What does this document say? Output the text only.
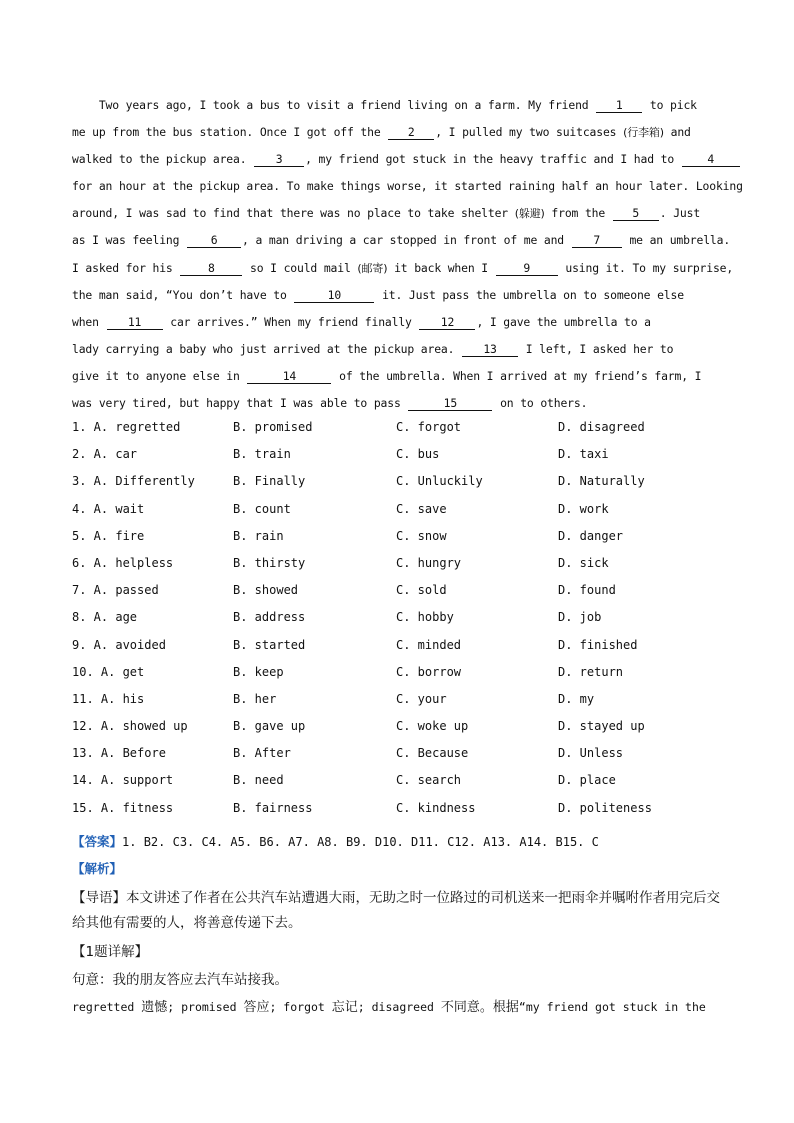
Two years ago, I took a bus to visit a friend living on a farm. My friend 1 to pick
me up from the bus station. Once I got off the 2 , I pulled my two suitcases (行李箱) and
walked to the pickup area. 3 , my friend got stuck in the heavy traffic and I had to 4
for an hour at the pickup area. To make things worse, it started raining half an hour later. Looking
around, I was sad to find that there was no place to take shelter (躲避) from the 5 . Just
as I was feeling 6 , a man driving a car stopped in front of me and 7 me an umbrella.
I asked for his	8	so I could mail (邮寄) it back when I	9	using it. To my surprise,
the man said, “You don’t have to	10	it. Just pass the umbrella on to someone else
when 11 car arrives.” When my friend finally 12 , I gave the umbrella to a
lady carrying a baby who just arrived at the pickup area. 13 I left, I asked her to
give it to anyone else in	14	of the umbrella. When I arrived at my friend’s farm, I
was very tired, but happy that I was able to pass	15	on to others.
1. A. regretted	B. promised	C. forgot	D. disagreed
2. A. car	B. train	C. bus	D. taxi
3. A. Differently	B. Finally	C. Unluckily	D. Naturally
4. A. wait	B. count	C. save	D. work
5. A. fire	B. rain	C. snow	D. danger
6. A. helpless	B. thirsty	C. hungry	D. sick
7. A. passed	B. showed	C. sold	D. found
8. A. age	B. address	C. hobby	D. job
9. A. avoided	B. started	C. minded	D. finished
10. A. get	B. keep	C. borrow	D. return
11. A. his	B. her	C. your	D. my
12. A. showed up	B. gave up	C. woke up	D. stayed up
13. A. Before	B. After	C. Because	D. Unless
14. A. support	B. need	C. search	D. place
15. A. fitness	B. fairness	C. kindness	D. politeness
【答案】1. B2. C3. C4. A5. B6. A7. A8. B9. D10. D11. C12. A13. A14. B15. C
【解析】
【导语】本文讲述了作者在公共汽车站遭遇大雨，无助之时一位路过的司机送来一把雨伞并嘱咐作者用完后交给其他有需要的人，将善意传递下去。
【1题详解】
句意：我的朋友答应去汽车站接我。
regretted 遗憾; promised 答应; forgot 忘记; disagreed 不同意。根据“my friend got stuck in the
